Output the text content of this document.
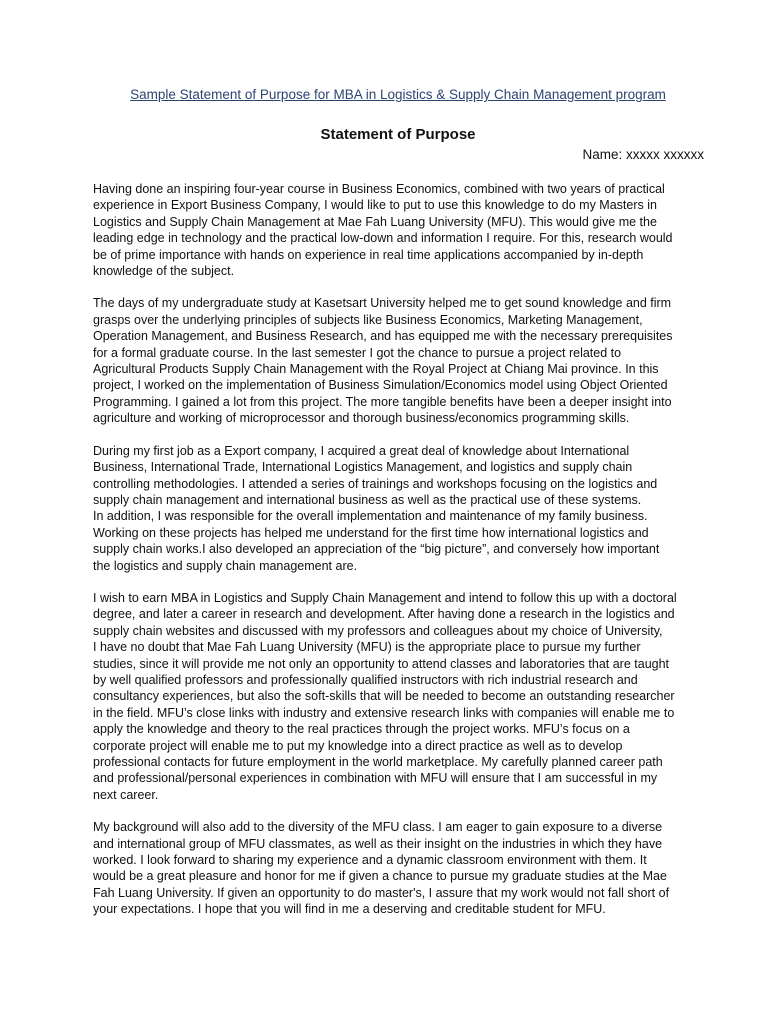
Sample Statement of Purpose for MBA in Logistics & Supply Chain Management program
Statement of Purpose
Name: xxxxx xxxxxx

Having done an inspiring four-year course in Business Economics, combined with two years of practical
experience in Export Business Company, I would like to put to use this knowledge to do my Masters in
Logistics and Supply Chain Management at Mae Fah Luang University (MFU). This would give me the
leading edge in technology and the practical low-down and information I require. For this, research would
be of prime importance with hands on experience in real time applications accompanied by in-depth
knowledge of the subject.

The days of my undergraduate study at Kasetsart University helped me to get sound knowledge and firm
grasps over the underlying principles of subjects like Business Economics, Marketing Management,
Operation Management, and Business Research, and has equipped me with the necessary prerequisites
for a formal graduate course. In the last semester I got the chance to pursue a project related to
Agricultural Products Supply Chain Management with the Royal Project at Chiang Mai province. In this
project, I worked on the implementation of Business Simulation/Economics model using Object Oriented
Programming. I gained a lot from this project. The more tangible benefits have been a deeper insight into
agriculture and working of microprocessor and thorough business/economics programming skills.

During my first job as a Export company, I acquired a great deal of knowledge about International
Business, International Trade, International Logistics Management, and logistics and supply chain
controlling methodologies. I attended a series of trainings and workshops focusing on the logistics and
supply chain management and international business as well as the practical use of these systems.
In addition, I was responsible for the overall implementation and maintenance of my family business.
Working on these projects has helped me understand for the first time how international logistics and
supply chain works.I also developed an appreciation of the “big picture”, and conversely how important
the logistics and supply chain management are.

I wish to earn MBA in Logistics and Supply Chain Management and intend to follow this up with a doctoral
degree, and later a career in research and development. After having done a research in the logistics and
supply chain websites and discussed with my professors and colleagues about my choice of University,
I have no doubt that Mae Fah Luang University (MFU) is the appropriate place to pursue my further
studies, since it will provide me not only an opportunity to attend classes and laboratories that are taught
by well qualified professors and professionally qualified instructors with rich industrial research and
consultancy experiences, but also the soft-skills that will be needed to become an outstanding researcher
in the field. MFU’s close links with industry and extensive research links with companies will enable me to
apply the knowledge and theory to the real practices through the project works. MFU’s focus on a
corporate project will enable me to put my knowledge into a direct practice as well as to develop
professional contacts for future employment in the world marketplace. My carefully planned career path
and professional/personal experiences in combination with MFU will ensure that I am successful in my
next career.

My background will also add to the diversity of the MFU class. I am eager to gain exposure to a diverse
and international group of MFU classmates, as well as their insight on the industries in which they have
worked. I look forward to sharing my experience and a dynamic classroom environment with them. It
would be a great pleasure and honor for me if given a chance to pursue my graduate studies at the Mae
Fah Luang University. If given an opportunity to do master's, I assure that my work would not fall short of
your expectations. I hope that you will find in me a deserving and creditable student for MFU.
